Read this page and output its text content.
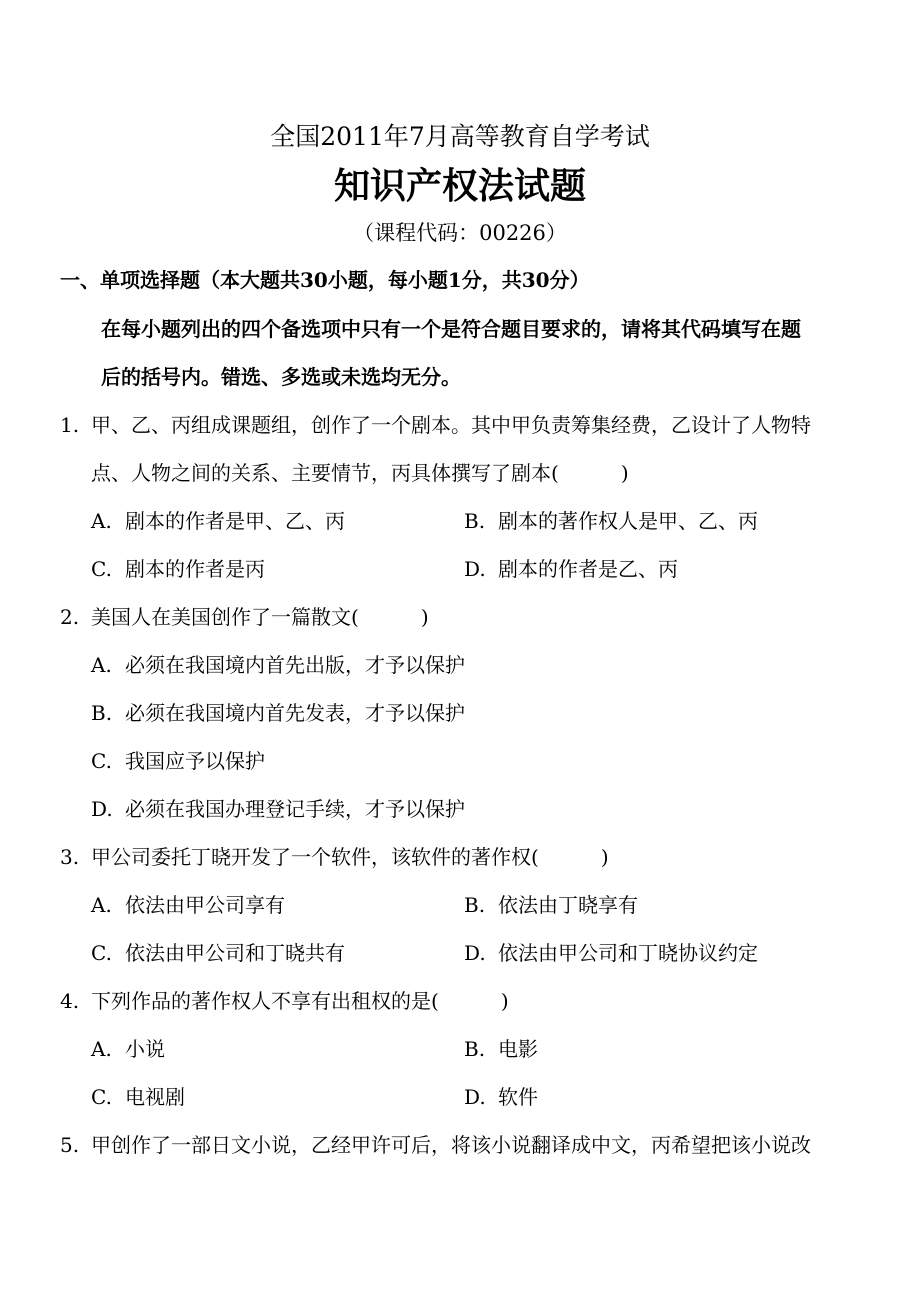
全国2011年7月高等教育自学考试
知识产权法试题
（课程代码：00226）
一、单项选择题（本大题共30小题，每小题1分，共30分）
在每小题列出的四个备选项中只有一个是符合题目要求的，请将其代码填写在题
后的括号内。错选、多选或未选均无分。
1. 甲、乙、丙组成课题组，创作了一个剧本。其中甲负责筹集经费，乙设计了人物特
点、人物之间的关系、主要情节，丙具体撰写了剧本(	)
A. 剧本的作者是甲、乙、丙	B. 剧本的著作权人是甲、乙、丙
C. 剧本的作者是丙	D. 剧本的作者是乙、丙
2. 美国人在美国创作了一篇散文(	)
A. 必须在我国境内首先出版，才予以保护
B. 必须在我国境内首先发表，才予以保护
C. 我国应予以保护
D. 必须在我国办理登记手续，才予以保护
3. 甲公司委托丁晓开发了一个软件，该软件的著作权(	)
A. 依法由甲公司享有	B. 依法由丁晓享有
C. 依法由甲公司和丁晓共有	D. 依法由甲公司和丁晓协议约定
4. 下列作品的著作权人不享有出租权的是(	)
A. 小说	B. 电影
C. 电视剧	D. 软件
5. 甲创作了一部日文小说，乙经甲许可后，将该小说翻译成中文，丙希望把该小说改
